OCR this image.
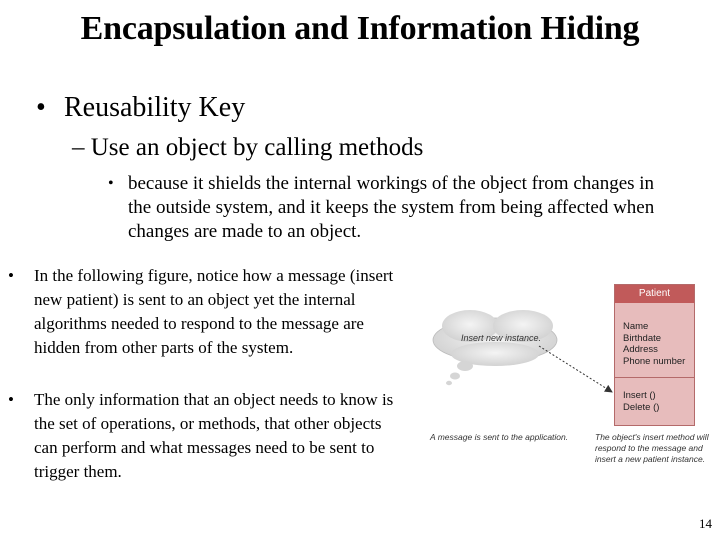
Encapsulation and Information Hiding
• Reusability Key
– Use an object by calling methods
• because it shields the internal workings of the object from changes in the outside system, and it keeps the system from being affected when changes are made to an object.
•	In the following figure, notice how a message (insert new patient) is sent to an object yet the internal algorithms needed to respond to the message are hidden from other parts of the system.
•	The only information that an object needs to know is the set of operations, or methods, that other objects can perform and what messages need to be sent to trigger them.
Insert new instance.
Patient
Name
Birthdate
Address
Phone number
Insert ()
Delete ()
A message is sent to the application.	The object's insert method will respond to the message and insert a new patient instance.
14
